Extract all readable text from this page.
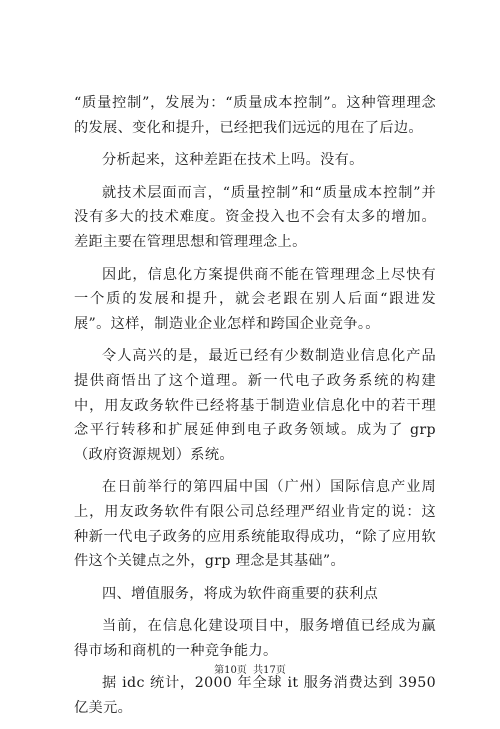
“质量控制”，发展为：“质量成本控制”。这种管理理念的发展、变化和提升，已经把我们远远的甩在了后边。

分析起来，这种差距在技术上吗。没有。

就技术层面而言，“质量控制”和“质量成本控制”并没有多大的技术难度。资金投入也不会有太多的增加。差距主要在管理思想和管理理念上。

因此，信息化方案提供商不能在管理理念上尽快有一个质的发展和提升，就会老跟在别人后面“跟进发展”。这样，制造业企业怎样和跨国企业竞争。。

令人高兴的是，最近已经有少数制造业信息化产品提供商悟出了这个道理。新一代电子政务系统的构建中，用友政务软件已经将基于制造业信息化中的若干理念平行转移和扩展延伸到电子政务领域。成为了 grp（政府资源规划）系统。

在日前举行的第四届中国（广州）国际信息产业周上，用友政务软件有限公司总经理严绍业肯定的说：这种新一代电子政务的应用系统能取得成功，“除了应用软件这个关键点之外，grp 理念是其基础”。

四、增值服务，将成为软件商重要的获利点

当前，在信息化建设项目中，服务增值已经成为赢得市场和商机的一种竞争能力。

据 idc 统计，2000 年全球 it 服务消费达到 3950 亿美元。

第10页  共17页
